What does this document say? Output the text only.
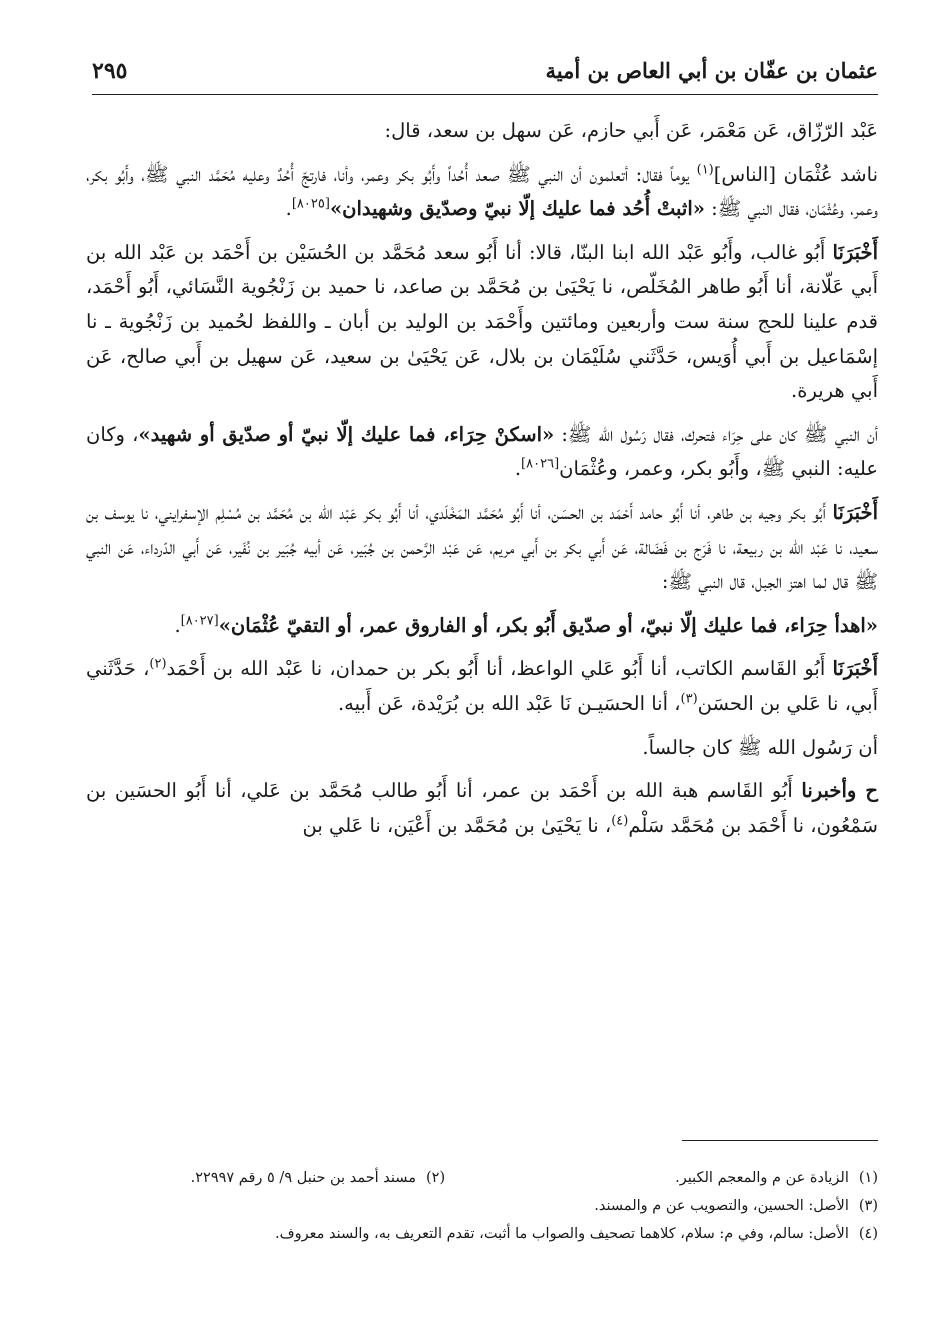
عثمان بن عفّان بن أبي العاص بن أمية
٢٩٥

عَبْد الرّزّاق، عَن مَعْمَر، عَن أَبي حازم، عَن سهل بن سعد، قال:

ناشد عُثْمَان [الناس]$^{(١)}$ يوماً فقال: أتعلمون أن النبي ﷺ صعد أُحُداً وأَبُو بكر وعمر، وأنا، فارتجّ أُحُدٌ وعليه مُحَمَّد النبي ﷺ، وأَبُو بكر، وعمر، وعُثْمَان، فقال النبي ﷺ: «اثبتْ أُحُد فما عليك إلّا نبيّ وصدّيق وشهيدان»[٨٠٢٥].

أَخْبَرَنَا أَبُو غالب، وأَبُو عَبْد الله ابنا البنّا، قالا: أنا أَبُو سعد مُحَمَّد بن الحُسَيْن بن أَحْمَد بن عَبْد الله بن أَبي عَلّانة، أنا أَبُو طاهر المُخَلّص، نا يَحْيَىٰ بن مُحَمَّد بن صاعد، نا حميد بن زَنْجُوية النَّسَائي، أَبُو أَحْمَد، قدم علينا للحج سنة ست وأربعين ومائتين وأَحْمَد بن الوليد بن أبان ـ واللفظ لحُميد بن زَنْجُوية ـ نا إسْمَاعيل بن أَبي أُوَيس، حَدَّثَني سُلَيْمَان بن بلال، عَن يَحْيَىٰ بن سعيد، عَن سهيل بن أَبي صالح، عَن أَبي هريرة.

أن النبي ﷺ كان على حِرَاء فتحرك، فقال رَسُول الله ﷺ: «اسكنْ حِرَاء، فما عليك إلّا نبيّ أو صدّيق أو شهيد»، وكان عليه: النبي ﷺ، وأَبُو بكر، وعمر، وعُثْمَان[٨٠٢٦].

أَخْبَرَنَا أَبُو بكر وجيه بن طاهر، أنا أَبُو حامد أَحْمَد بن الحسَن، أنا أَبُو مُحَمَّد المَخْلَدي، أنا أَبُو بكر عَبْد الله بن مُحَمَّد بن مُسْلِم الإسفرايني، نا يوسف بن سعيد، نا عَبْد الله بن ربيعة، نا فَرَج بن فَضَالة، عَن أَبي بكر بن أَبي مريم، عَن عَبْد الرَّحمن بن جُبَير، عَن أبيه جُبَير بن نُفَير، عَن أَبي الدّرداء، عَن النبي ﷺ قال لما اهتز الجبل، قال النبي ﷺ:

«اهدأ حِرَاء، فما عليك إلّا نبيّ، أو صدّيق أَبُو بكر، أو الفاروق عمر، أو التقيّ عُثْمَان»[٨٠٢٧].

أَخْبَرَنَا أَبُو القَاسم الكاتب، أنا أَبُو عَلي الواعظ، أنا أَبُو بكر بن حمدان، نا عَبْد الله بن أَحْمَد$^{(٢)}$، حَدَّثَني أَبي، نا عَلي بن الحسَن$^{(٣)}$، أنا الحسَيـن نَا عَبْد الله بن بُرَيْدة، عَن أَبيه.

أن رَسُول الله ﷺ كان جالساً.

ح وأخبرنا أَبُو القَاسم هبة الله بن أَحْمَد بن عمر، أنا أَبُو طالب مُحَمَّد بن عَلي، أنا أَبُو الحسَين بن سَمْعُون، نا أَحْمَد بن مُحَمَّد سَلْم$^{(٤)}$، نا يَحْيَىٰ بن مُحَمَّد بن أَعْيَن، نا عَلي بن

(١)الزيادة عن م والمعجم الكبير.
(٢)مسند أحمد بن حنبل ٩/ ٥ رقم ٢٢٩٩٧.
(٣)الأصل: الحسين، والتصويب عن م والمسند.
(٤)الأصل: سالم، وفي م: سلام، كلاهما تصحيف والصواب ما أثبت، تقدم التعريف به، والسند معروف.
